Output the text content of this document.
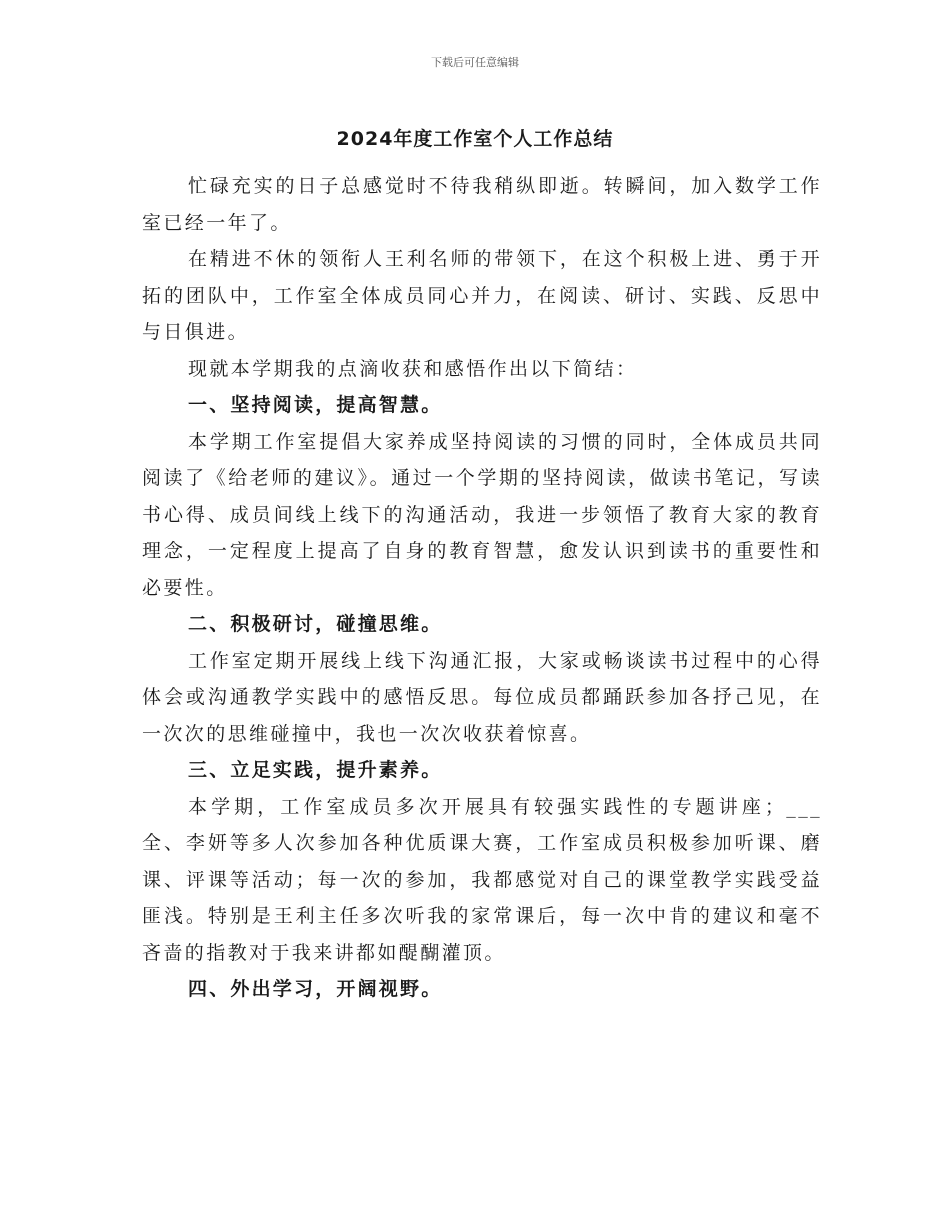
下载后可任意编辑
2024年度工作室个人工作总结

忙碌充实的日子总感觉时不待我稍纵即逝。转瞬间，加入数学工作室已经一年了。

在精进不休的领衔人王利名师的带领下，在这个积极上进、勇于开拓的团队中，工作室全体成员同心并力，在阅读、研讨、实践、反思中与日俱进。

现就本学期我的点滴收获和感悟作出以下简结：

一、坚持阅读，提高智慧。

本学期工作室提倡大家养成坚持阅读的习惯的同时，全体成员共同阅读了《给老师的建议》。通过一个学期的坚持阅读，做读书笔记，写读书心得、成员间线上线下的沟通活动，我进一步领悟了教育大家的教育理念，一定程度上提高了自身的教育智慧，愈发认识到读书的重要性和必要性。

二、积极研讨，碰撞思维。

工作室定期开展线上线下沟通汇报，大家或畅谈读书过程中的心得体会或沟通教学实践中的感悟反思。每位成员都踊跃参加各抒己见，在一次次的思维碰撞中，我也一次次收获着惊喜。

三、立足实践，提升素养。

本学期，工作室成员多次开展具有较强实践性的专题讲座；___全、李妍等多人次参加各种优质课大赛，工作室成员积极参加听课、磨课、评课等活动；每一次的参加，我都感觉对自己的课堂教学实践受益匪浅。特别是王利主任多次听我的家常课后，每一次中肯的建议和毫不吝啬的指教对于我来讲都如醍醐灌顶。

四、外出学习，开阔视野。
